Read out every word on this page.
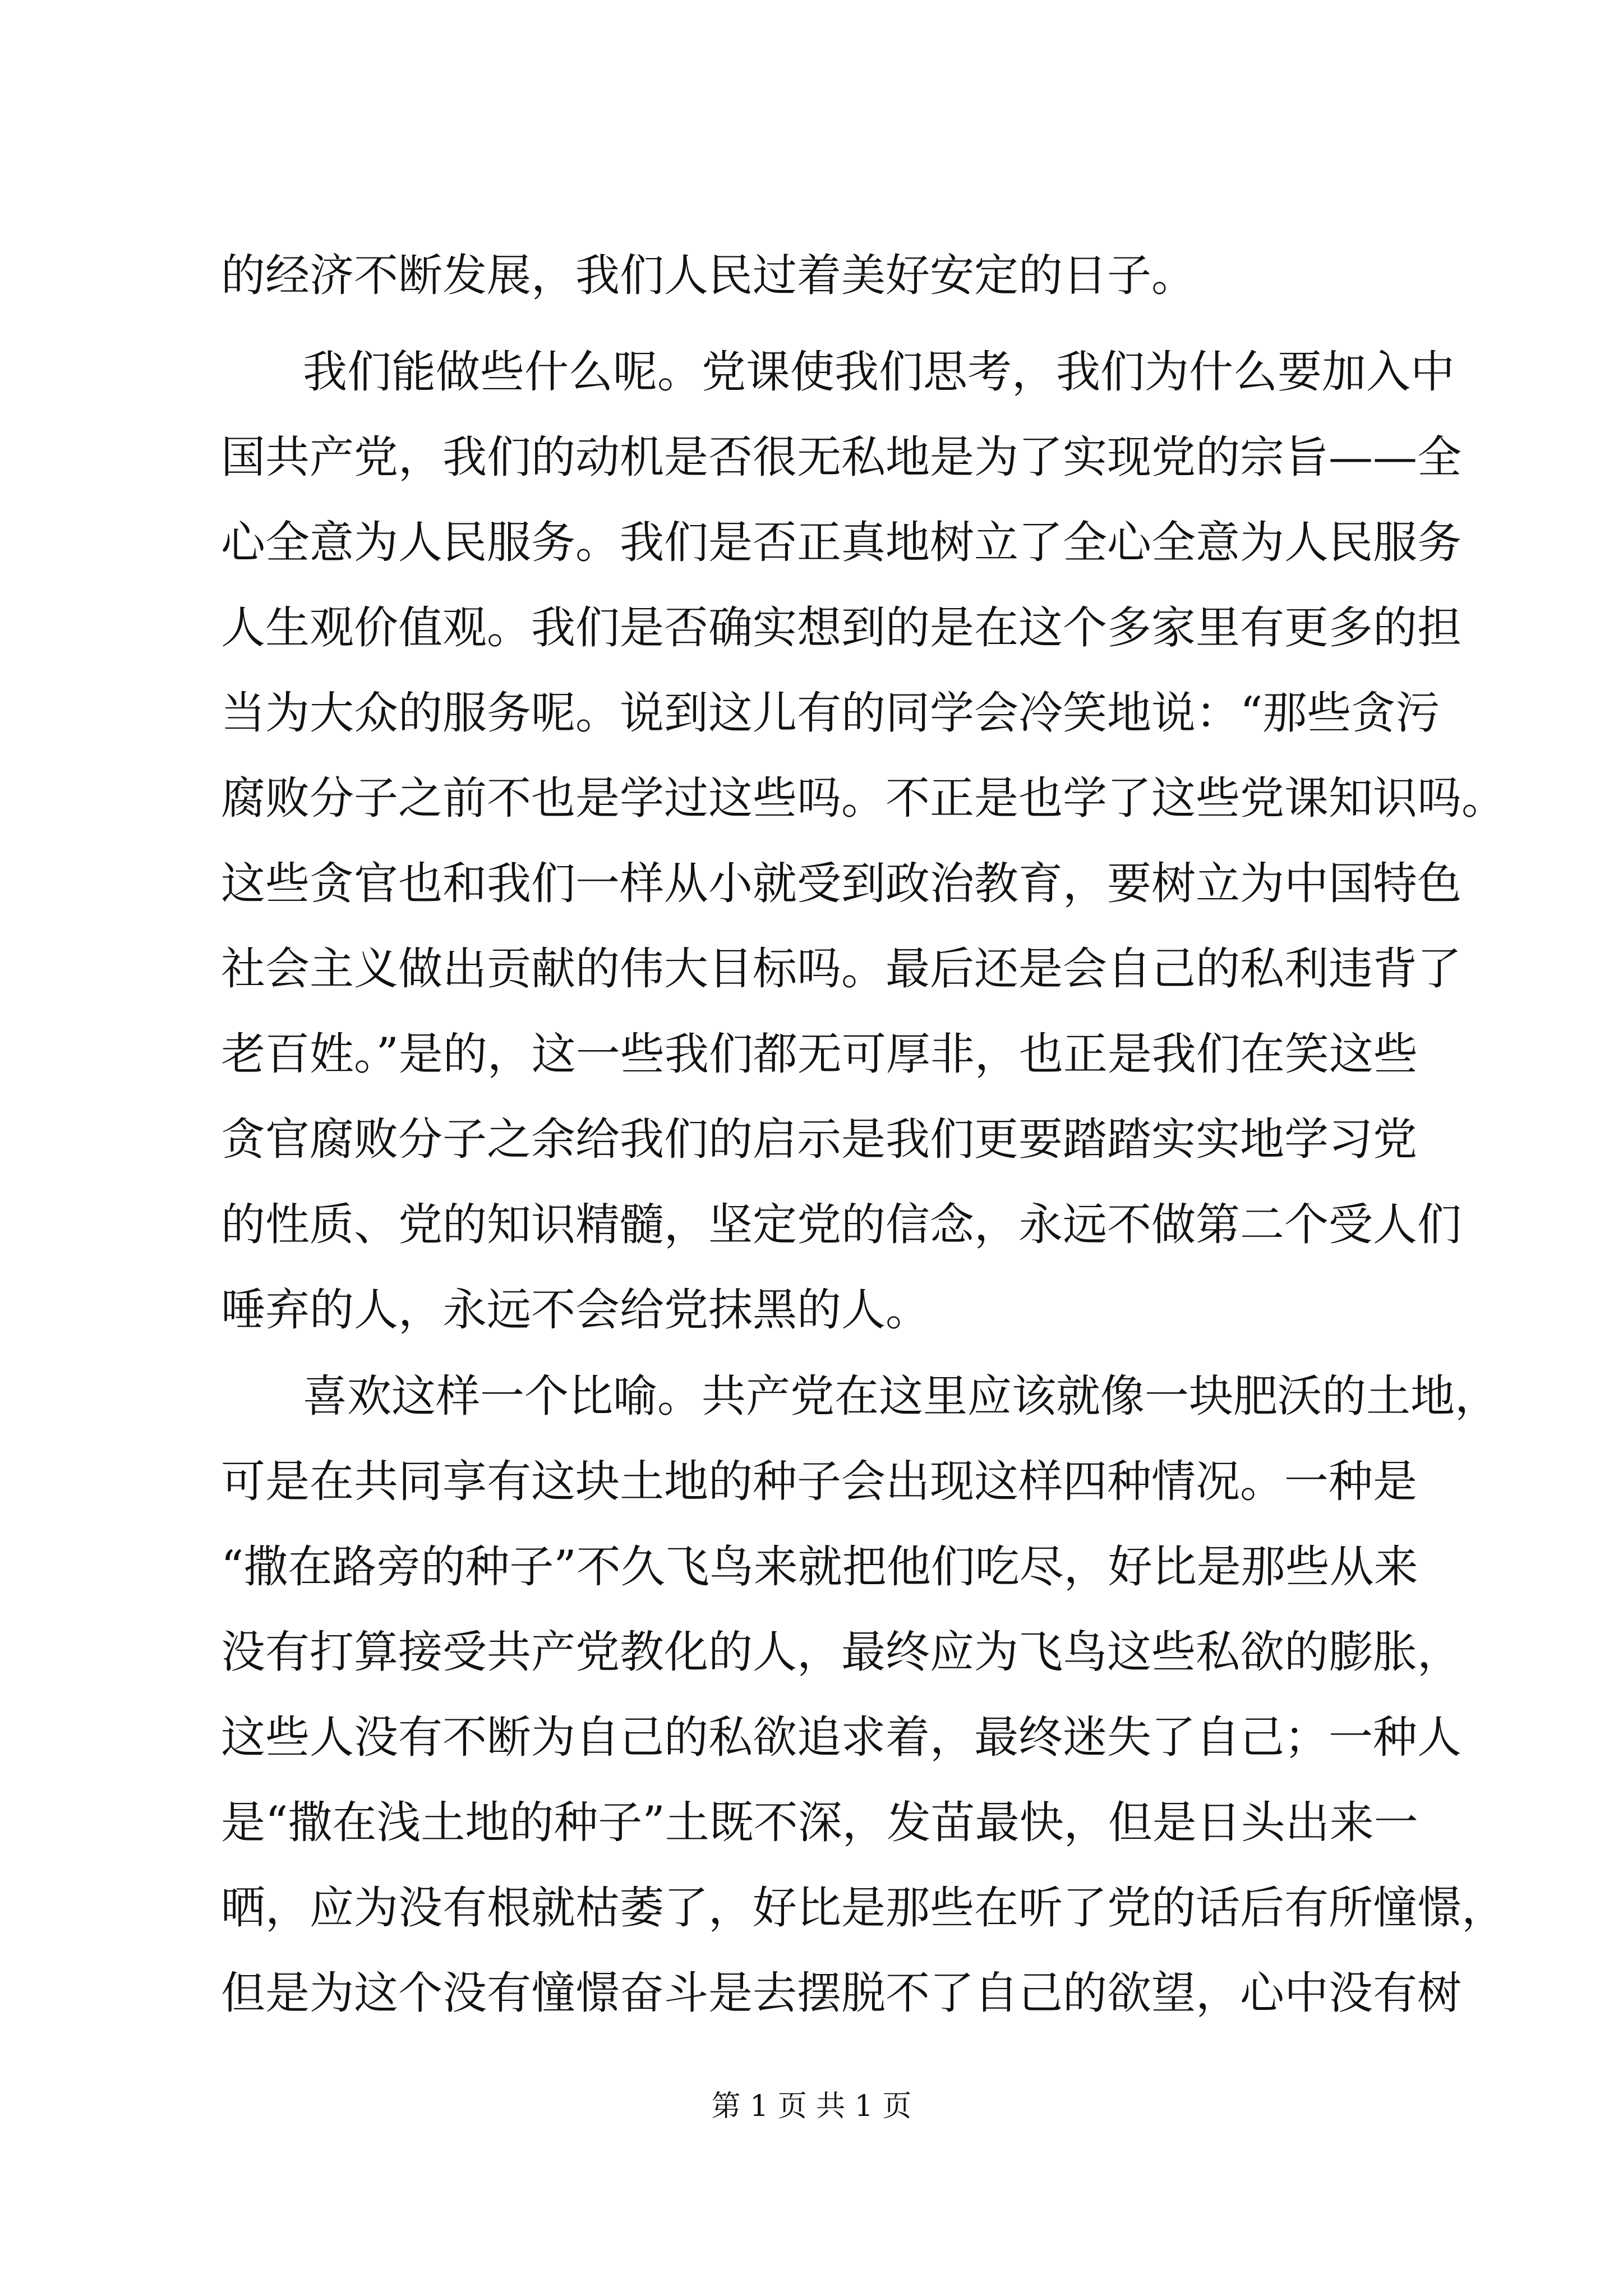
的经济不断发展，我们人民过着美好安定的日子。
我们能做些什么呢。党课使我们思考，我们为什么要加入中
国共产党，我们的动机是否很无私地是为了实现党的宗旨——全
心全意为人民服务。我们是否正真地树立了全心全意为人民服务
人生观价值观。我们是否确实想到的是在这个多家里有更多的担
当为大众的服务呢。说到这儿有的同学会冷笑地说：“那些贪污
腐败分子之前不也是学过这些吗。不正是也学了这些党课知识吗。
这些贪官也和我们一样从小就受到政治教育，要树立为中国特色
社会主义做出贡献的伟大目标吗。最后还是会自己的私利违背了
老百姓。”是的，这一些我们都无可厚非，也正是我们在笑这些
贪官腐败分子之余给我们的启示是我们更要踏踏实实地学习党
的性质、党的知识精髓，坚定党的信念，永远不做第二个受人们
唾弃的人，永远不会给党抹黑的人。
喜欢这样一个比喻。共产党在这里应该就像一块肥沃的土地，
可是在共同享有这块土地的种子会出现这样四种情况。一种是
“撒在路旁的种子”不久飞鸟来就把他们吃尽，好比是那些从来
没有打算接受共产党教化的人，最终应为飞鸟这些私欲的膨胀，
这些人没有不断为自己的私欲追求着，最终迷失了自己；一种人
是“撒在浅土地的种子”土既不深，发苗最快，但是日头出来一
晒，应为没有根就枯萎了，好比是那些在听了党的话后有所憧憬，
但是为这个没有憧憬奋斗是去摆脱不了自己的欲望，心中没有树
第 1 页 共 1 页
